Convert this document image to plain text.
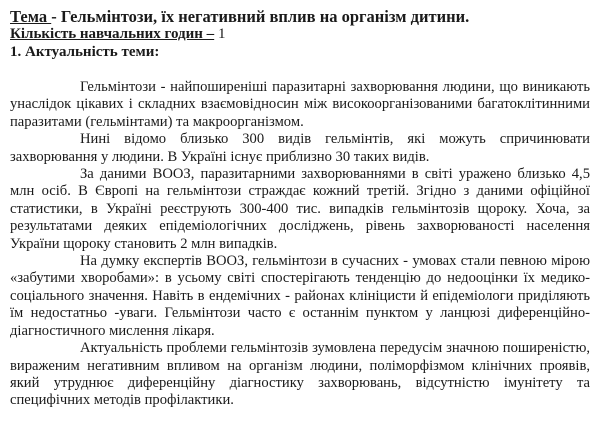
Тема - Гельмінтози, їх негативний вплив на організм дитини.

Кількість навчальних годин – 1

1. Актуальність теми:

Гельмінтози - найпоширеніші паразитарні захворювання людини, що виникають унаслідок цікавих і складних взаємовідносин між високоорганізованими багатоклітинними паразитами (гельмінтами) та макроорганізмом.

Нині відомо близько 300 видів гельмінтів, які можуть спричинювати захворювання у людини. В Україні існує приблизно 30 таких видів.

За даними ВООЗ, паразитарними захворюваннями в світі уражено близько 4,5 млн осіб. В Європі на гельмінтози страждає кожний третій. Згідно з даними офіційної статистики, в Україні реєструють 300-400 тис. випадків гельмінтозів щороку. Хоча, за результатами деяких епідеміологічних досліджень, рівень захворюваності населення України щороку становить 2 млн випадків.

На думку експертів ВООЗ, гельмінтози в сучасних - умовах стали певною мірою «забутими хворобами»: в усьому світі спостерігають тенденцію до недооцінки їх медико-соціального значення. Навіть в ендемічних - районах клініцисти й епідеміологи приділяють їм недостатньо -уваги. Гельмінтози часто є останнім пунктом у ланцюзі диференційно-діагностичного мислення лікаря.

Актуальність проблеми гельмінтозів зумовлена передусім значною поширеністю, вираженим негативним впливом на організм людини, поліморфізмом клінічних проявів, який утруднює диференційну діагностику захворювань, відсутністю імунітету та специфічних методів профілактики.
